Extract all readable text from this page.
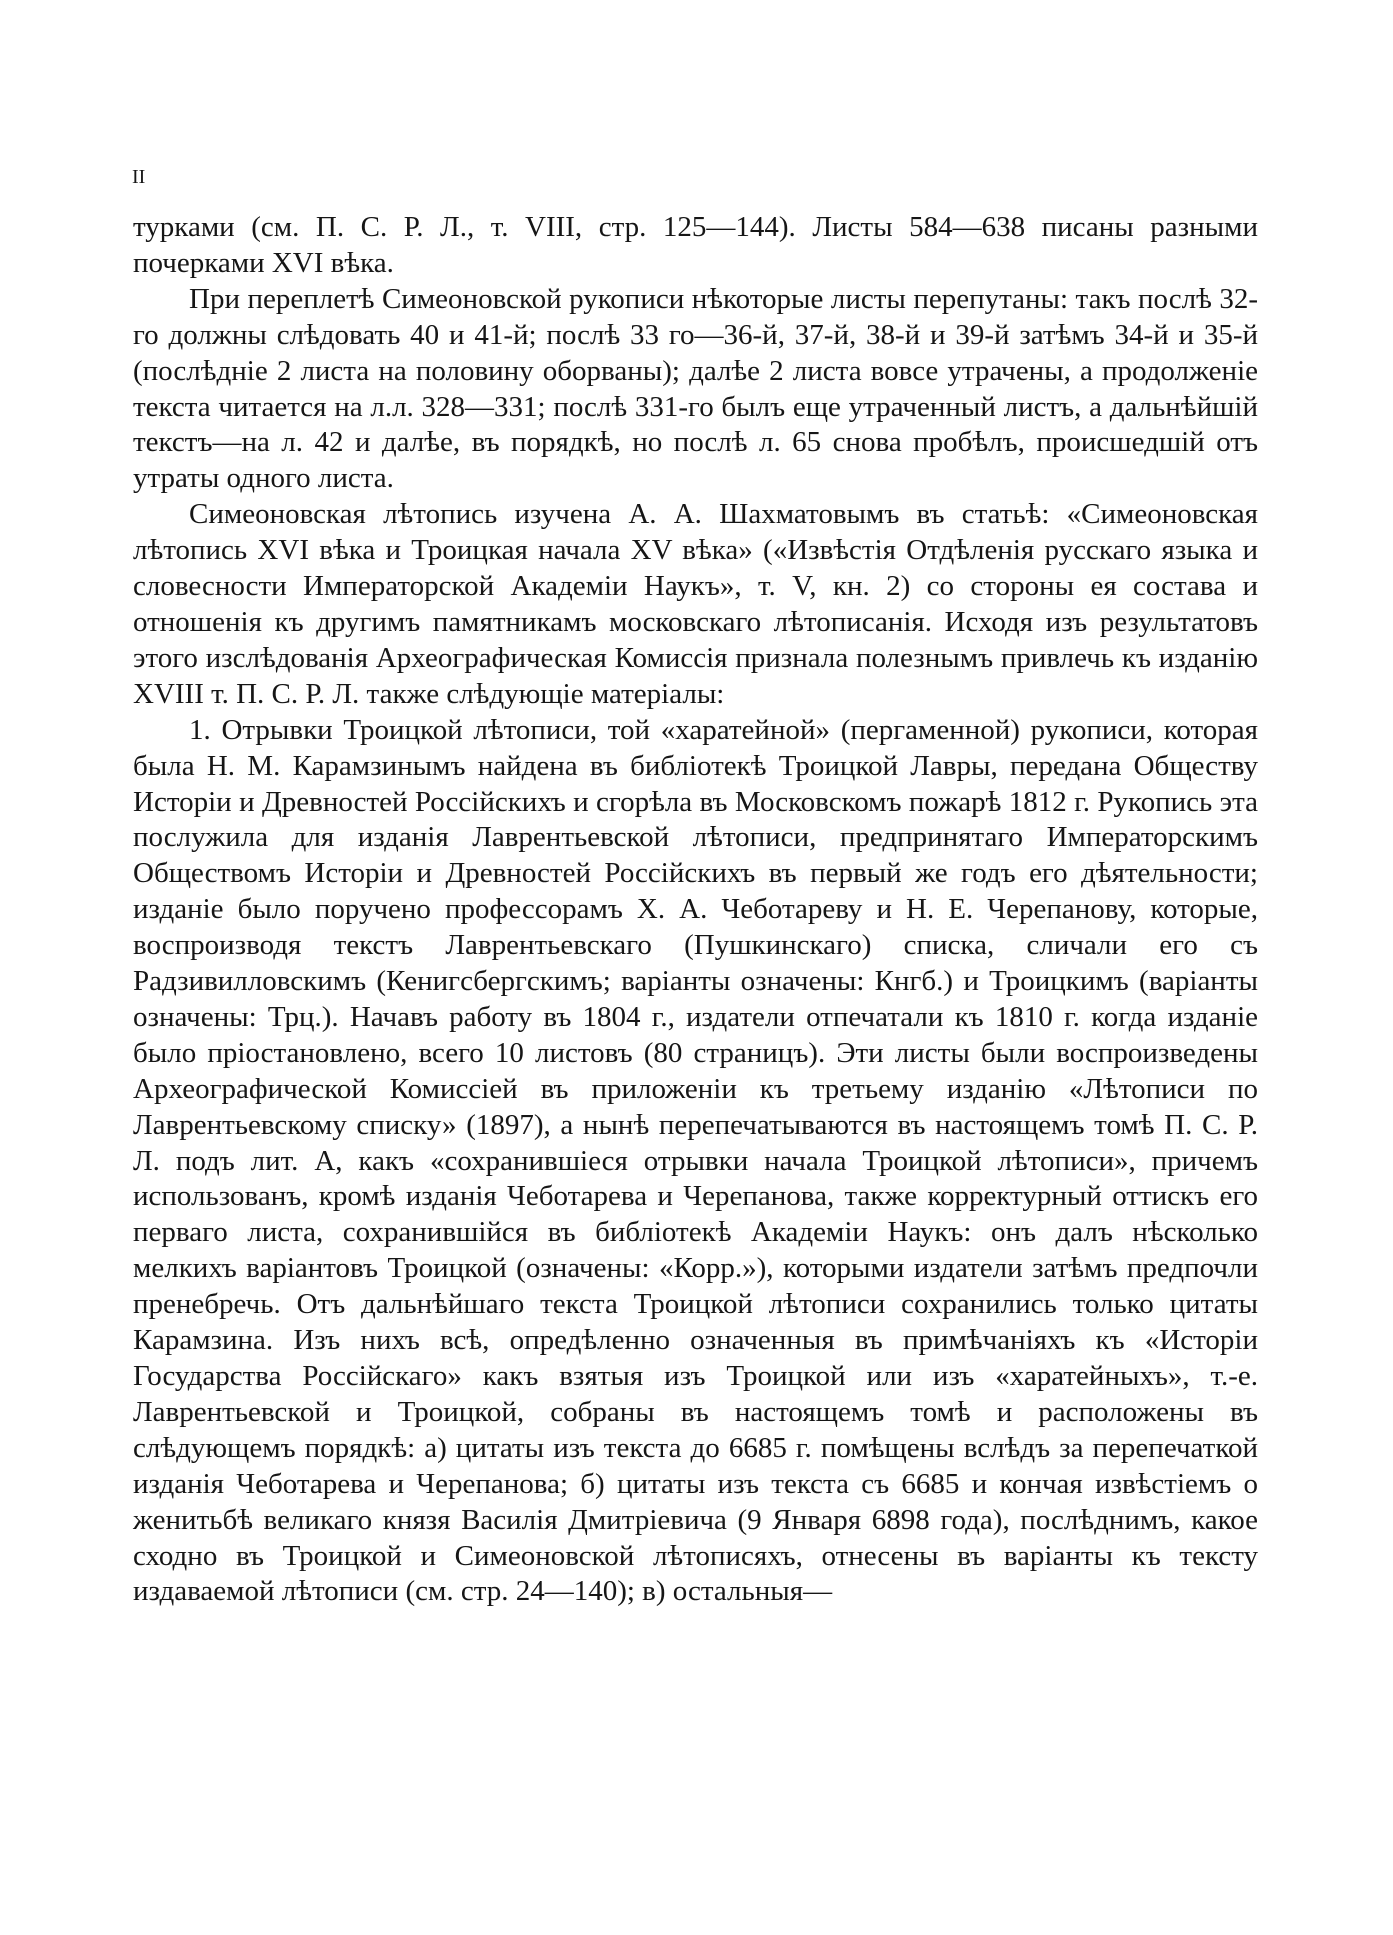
II

турками (см. П. С. Р. Л., т. VIII, стр. 125—144). Листы 584—638 писаны разными почерками XVI вѣка.

При переплетѣ Симеоновской рукописи нѣкоторые листы перепутаны: такъ послѣ 32-го должны слѣдовать 40 и 41-й; послѣ 33 го—36-й, 37-й, 38-й и 39-й затѣмъ 34-й и 35-й (послѣдніе 2 листа на половину оборваны); далѣе 2 листа вовсе утрачены, а продолженіе текста читается на л.л. 328—331; послѣ 331-го былъ еще утраченный листъ, а дальнѣйшій текстъ—на л. 42 и далѣе, въ порядкѣ, но послѣ л. 65 снова пробѣлъ, происшедшій отъ утраты одного листа.

Симеоновская лѣтопись изучена А. А. Шахматовымъ въ статьѣ: «Симеоновская лѣтопись XVI вѣка и Троицкая начала XV вѣка» («Извѣстія Отдѣленія русскаго языка и словесности Императорской Академіи Наукъ», т. V, кн. 2) со стороны ея состава и отношенія къ другимъ памятникамъ московскаго лѣтописанія. Исходя изъ результатовъ этого изслѣдованія Археографическая Комиссія признала полезнымъ привлечь къ изданію XVIII т. П. С. Р. Л. также слѣдующіе матеріалы:

1. Отрывки Троицкой лѣтописи, той «харатейной» (пергаменной) рукописи, которая была Н. М. Карамзинымъ найдена въ библіотекѣ Троицкой Лавры, передана Обществу Исторіи и Древностей Россійскихъ и сгорѣла въ Московскомъ пожарѣ 1812 г. Рукопись эта послужила для изданія Лаврентьевской лѣтописи, предпринятаго Императорскимъ Обществомъ Исторіи и Древностей Россійскихъ въ первый же годъ его дѣятельности; изданіе было поручено профессорамъ Х. А. Чеботареву и Н. Е. Черепанову, которые, воспроизводя текстъ Лаврентьевскаго (Пушкинскаго) списка, сличали его съ Радзивилловскимъ (Кенигсбергскимъ; варіанты означены: Кнгб.) и Троицкимъ (варіанты означены: Трц.). Начавъ работу въ 1804 г., издатели отпечатали къ 1810 г. когда изданіе было пріостановлено, всего 10 листовъ (80 страницъ). Эти листы были воспроизведены Археографической Комиссіей въ приложеніи къ третьему изданію «Лѣтописи по Лаврентьевскому списку» (1897), а нынѣ перепечатываются въ настоящемъ томѣ П. С. Р. Л. подъ лит. А, какъ «сохранившіеся отрывки начала Троицкой лѣтописи», причемъ использованъ, кромѣ изданія Чеботарева и Черепанова, также корректурный оттискъ его перваго листа, сохранившійся въ библіотекѣ Академіи Наукъ: онъ далъ нѣсколько мелкихъ варіантовъ Троицкой (означены: «Корр.»), которыми издатели затѣмъ предпочли пренебречь. Отъ дальнѣйшаго текста Троицкой лѣтописи сохранились только цитаты Карамзина. Изъ нихъ всѣ, опредѣленно означенныя въ примѣчаніяхъ къ «Исторіи Государства Россійскаго» какъ взятыя изъ Троицкой или изъ «харатейныхъ», т.-е. Лаврентьевской и Троицкой, собраны въ настоящемъ томѣ и расположены въ слѣдующемъ порядкѣ: а) цитаты изъ текста до 6685 г. помѣщены вслѣдъ за перепечаткой изданія Чеботарева и Черепанова; б) цитаты изъ текста съ 6685 и кончая извѣстіемъ о женитьбѣ великаго князя Василія Дмитріевича (9 Января 6898 года), послѣднимъ, какое сходно въ Троицкой и Симеоновской лѣтописяхъ, отнесены въ варіанты къ тексту издаваемой лѣтописи (см. стр. 24—140); в) остальныя—
